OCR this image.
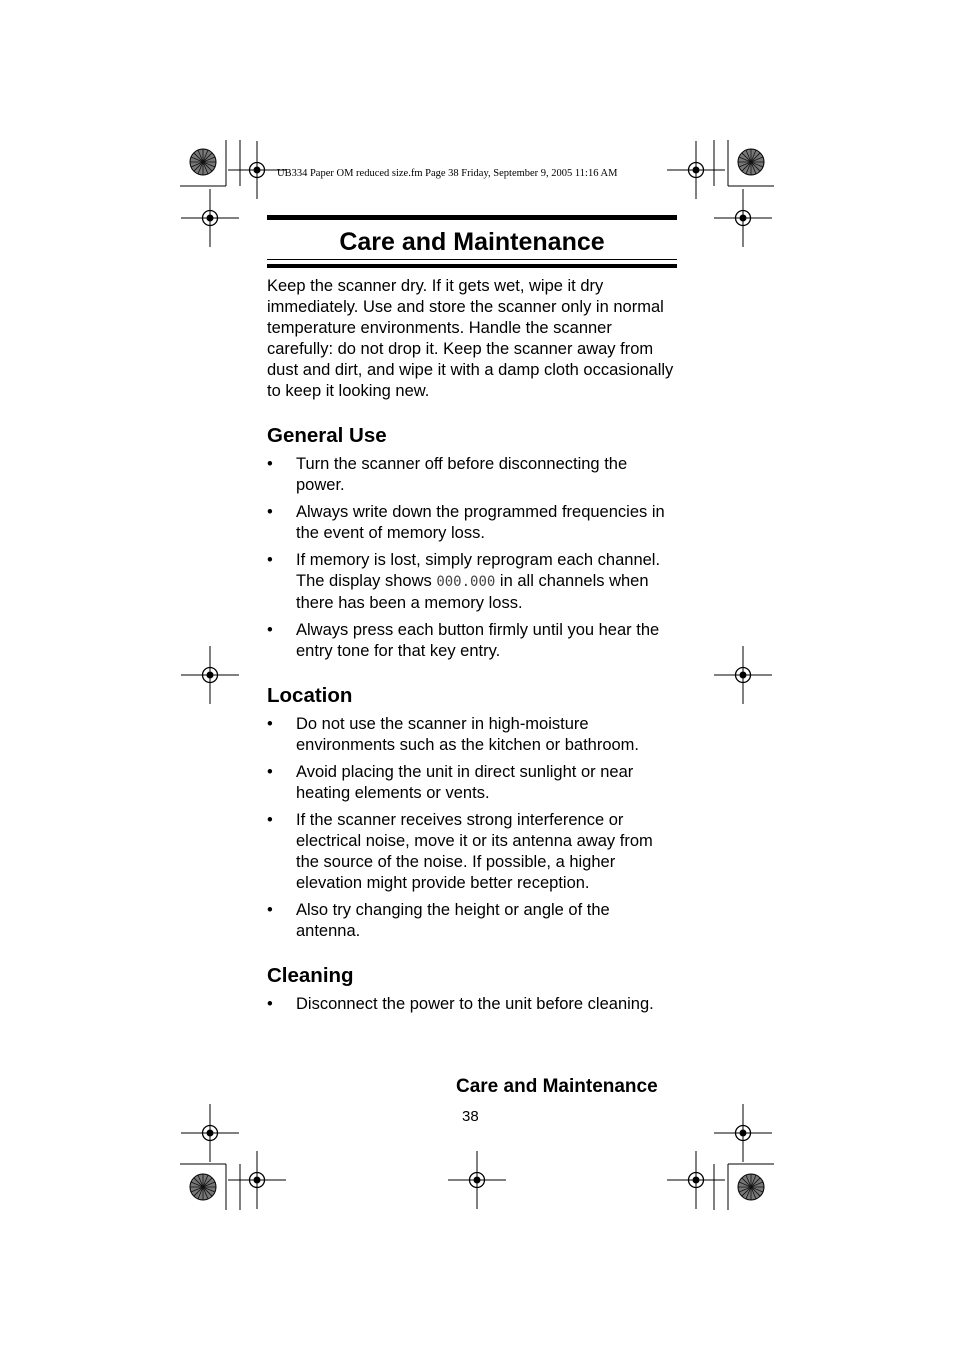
UB334 Paper OM reduced size.fm Page 38 Friday, September 9, 2005 11:16 AM
Care and Maintenance

Keep the scanner dry. If it gets wet, wipe it dry immediately. Use and store the scanner only in normal temperature environments. Handle the scanner carefully: do not drop it. Keep the scanner away from dust and dirt, and wipe it with a damp cloth occasionally to keep it looking new.

General Use
• Turn the scanner off before disconnecting the power.
• Always write down the programmed frequencies in the event of memory loss.
• If memory is lost, simply reprogram each channel. The display shows 000.000 in all channels when there has been a memory loss.
• Always press each button firmly until you hear the entry tone for that key entry.
Location
• Do not use the scanner in high-moisture environments such as the kitchen or bathroom.
• Avoid placing the unit in direct sunlight or near heating elements or vents.
• If the scanner receives strong interference or electrical noise, move it or its antenna away from the source of the noise. If possible, a higher elevation might provide better reception.
• Also try changing the height or angle of the antenna.
Cleaning
• Disconnect the power to the unit before cleaning.
Care and Maintenance
38
